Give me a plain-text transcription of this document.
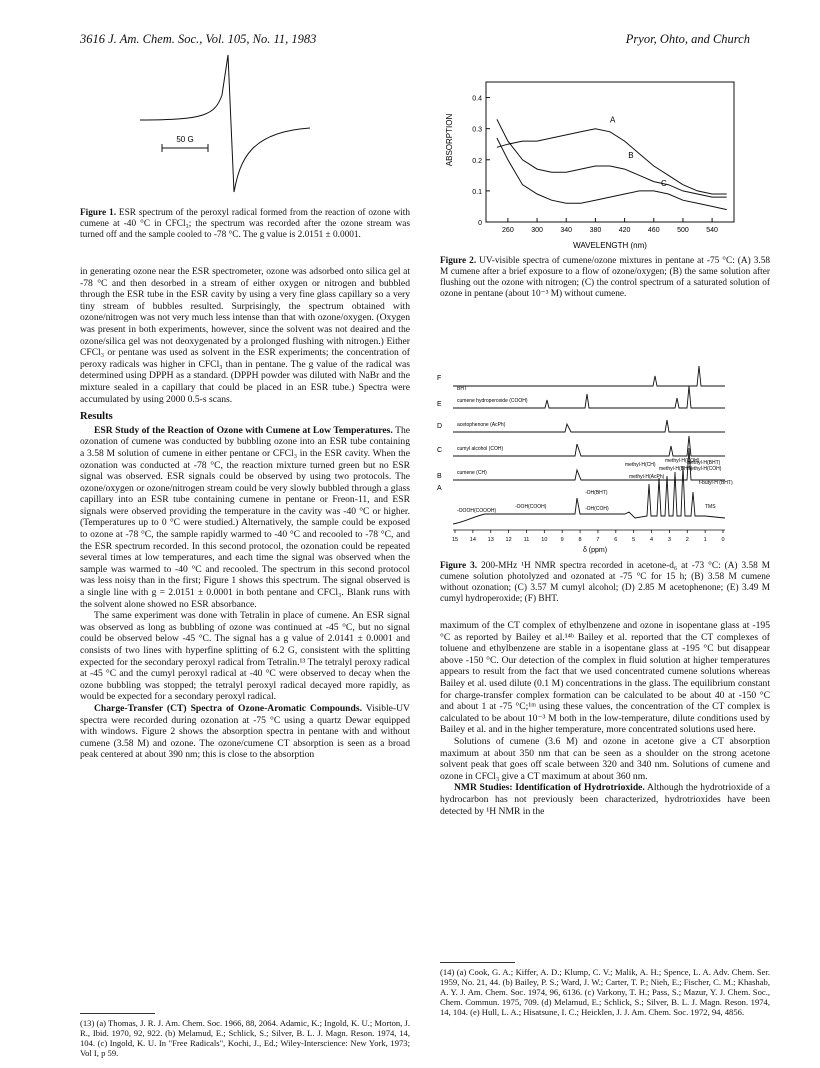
3616 J. Am. Chem. Soc., Vol. 105, No. 11, 1983	Pryor, Ohto, and Church
50 G
Figure 1. ESR spectrum of the peroxyl radical formed from the reaction of ozone with cumene at -40 °C in CFCl₃; the spectrum was recorded after the ozone stream was turned off and the sample cooled to -78 °C. The g value is 2.0151 ± 0.0001.

in generating ozone near the ESR spectrometer, ozone was adsorbed onto silica gel at -78 °C and then desorbed in a stream of either oxygen or nitrogen and bubbled through the ESR tube in the ESR cavity by using a very fine glass capillary so a very tiny stream of bubbles resulted. Surprisingly, the spectrum obtained with ozone/nitrogen was not very much less intense than that with ozone/oxygen. (Oxygen was present in both experiments, however, since the solvent was not deaired and the ozone/silica gel was not deoxygenated by a prolonged flushing with nitrogen.) Either CFCl₃ or pentane was used as solvent in the ESR experiments; the concentration of peroxy radicals was higher in CFCl₃ than in pentane. The g value of the radical was determined using DPPH as a standard. (DPPH powder was diluted with NaBr and the mixture sealed in a capillary that could be placed in an ESR tube.) Spectra were accumulated by using 2000 0.5-s scans.

Results

ESR Study of the Reaction of Ozone with Cumene at Low Temperatures. The ozonation of cumene was conducted by bubbling ozone into an ESR tube containing a 3.58 M solution of cumene in either pentane or CFCl₃ in the ESR cavity. When the ozonation was conducted at -78 °C, the reaction mixture turned green but no ESR signal was observed. ESR signals could be observed by using two protocols. The ozone/oxygen or ozone/nitrogen stream could be very slowly bubbled through a glass capillary into an ESR tube containing cumene in pentane or Freon-11, and ESR signals were observed providing the temperature in the cavity was -40 °C or higher. (Temperatures up to 0 °C were studied.) Alternatively, the sample could be exposed to ozone at -78 °C, the sample rapidly warmed to -40 °C and recooled to -78 °C, and the ESR spectrum recorded. In this second protocol, the ozonation could be repeated several times at low temperatures, and each time the signal was observed when the sample was warmed to -40 °C and recooled. The spectrum in this second protocol was less noisy than in the first; Figure 1 shows this spectrum. The signal observed is a single line with g = 2.0151 ± 0.0001 in both pentane and CFCl₃. Blank runs with the solvent alone showed no ESR absorbance.

The same experiment was done with Tetralin in place of cumene. An ESR signal was observed as long as bubbling of ozone was continued at -45 °C, but no signal could be observed below -45 °C. The signal has a g value of 2.0141 ± 0.0001 and consists of two lines with hyperfine splitting of 6.2 G, consistent with the splitting expected for the secondary peroxyl radical from Tetralin.¹³ The tetralyl peroxy radical at -45 °C and the cumyl peroxyl radical at -40 °C were observed to decay when the ozone bubbling was stopped; the tetralyl peroxyl radical decayed more rapidly, as would be expected for a secondary peroxyl radical.

Charge-Transfer (CT) Spectra of Ozone-Aromatic Compounds. Visible-UV spectra were recorded during ozonation at -75 °C using a quartz Dewar equipped with windows. Figure 2 shows the absorption spectra in pentane with and without cumene (3.58 M) and ozone. The ozone/cumene CT absorption is seen as a broad peak centered at about 390 nm; this is close to the absorption

(13) (a) Thomas, J. R. J. Am. Chem. Soc. 1966, 88, 2064. Adamic, K.; Ingold, K. U.; Morton, J. R., Ibid. 1970, 92, 922. (b) Melamud, E.; Schlick, S.; Silver, B. L. J. Magn. Reson. 1974, 14, 104. (c) Ingold, K. U. In "Free Radicals", Kochi, J., Ed.; Wiley-Interscience: New York, 1973; Vol I, p 59.
0
0.1
0.2
0.3
0.4
260 300 340 380 420 460 500 540
A
B
C
ABSORPTION
WAVELENGTH (nm)
Figure 2. UV-visible spectra of cumene/ozone mixtures in pentane at -75 °C: (A) 3.58 M cumene after a brief exposure to a flow of ozone/oxygen; (B) the same solution after flushing out the ozone with nitrogen; (C) the control spectrum of a saturated solution of ozone in pentane (about 10⁻³ M) without cumene.
F
E
D
C
B
A
BHT
cumene hydroperoxide (COOH)
acetophenone (AcPh)
cumyl alcohol (COH)
cumene (CH)
methyl·H(CH)
methyl·H(COH)
methyl·H(AcPh)
methyl·H(BHT)
methyl·H(COH)
methyl·H(BHT)
t-butyl·H (BHT)
TMS
-OH(BHT)
-OOOH(COOOH)
-OOH(COOH)	-OH(COH)
15 14 13 12 11 10 9	8	7	6	5	4	3	2	1	0
δ (ppm)
Figure 3. 200-MHz ¹H NMR spectra recorded in acetone-d₆ at -73 °C: (A) 3.58 M cumene solution photolyzed and ozonated at -75 °C for 15 h; (B) 3.58 M cumene without ozonation; (C) 3.57 M cumyl alcohol; (D) 2.85 M acetophenone; (E) 3.49 M cumyl hydroperoxide; (F) BHT.

maximum of the CT complex of ethylbenzene and ozone in isopentane glass at -195 °C as reported by Bailey et al.¹⁴ᵇ Bailey et al. reported that the CT complexes of toluene and ethylbenzene are stable in a isopentane glass at -195 °C but disappear above -150 °C. Our detection of the complex in fluid solution at higher temperatures appears to result from the fact that we used concentrated cumene solutions whereas Bailey et al. used dilute (0.1 M) concentrations in the glass. The equilibrium constant for charge-transfer complex formation can be calculated to be about 40 at -150 °C and about 1 at -75 °C;¹ᵐ using these values, the concentration of the CT complex is calculated to be about 10⁻³ M both in the low-temperature, dilute conditions used by Bailey et al. and in the higher temperature, more concentrated solutions used here.

Solutions of cumene (3.6 M) and ozone in acetone give a CT absorption maximum at about 350 nm that can be seen as a shoulder on the strong acetone solvent peak that goes off scale between 320 and 340 nm. Solutions of cumene and ozone in CFCl₃ give a CT maximum at about 360 nm.

NMR Studies: Identification of Hydrotrioxide. Although the hydrotrioxide of a hydrocarbon has not previously been characterized, hydrotrioxides have been detected by ¹H NMR in the

(14) (a) Cook, G. A.; Kiffer, A. D.; Klump, C. V.; Malik, A. H.; Spence, L. A. Adv. Chem. Ser. 1959, No. 21, 44. (b) Bailey, P. S.; Ward, J. W.; Carter, T. P.; Nieh, E.; Fischer, C. M.; Khashab, A. Y. J. Am. Chem. Soc. 1974, 96, 6136. (c) Varkony, T. H.; Pass, S.; Mazur, Y. J. Chem. Soc., Chem. Commun. 1975, 709. (d) Melamud, E.; Schlick, S.; Silver, B. L. J. Magn. Reson. 1974, 14, 104. (e) Hull, L. A.; Hisatsune, I. C.; Heicklen, J. J. Am. Chem. Soc. 1972, 94, 4856.
